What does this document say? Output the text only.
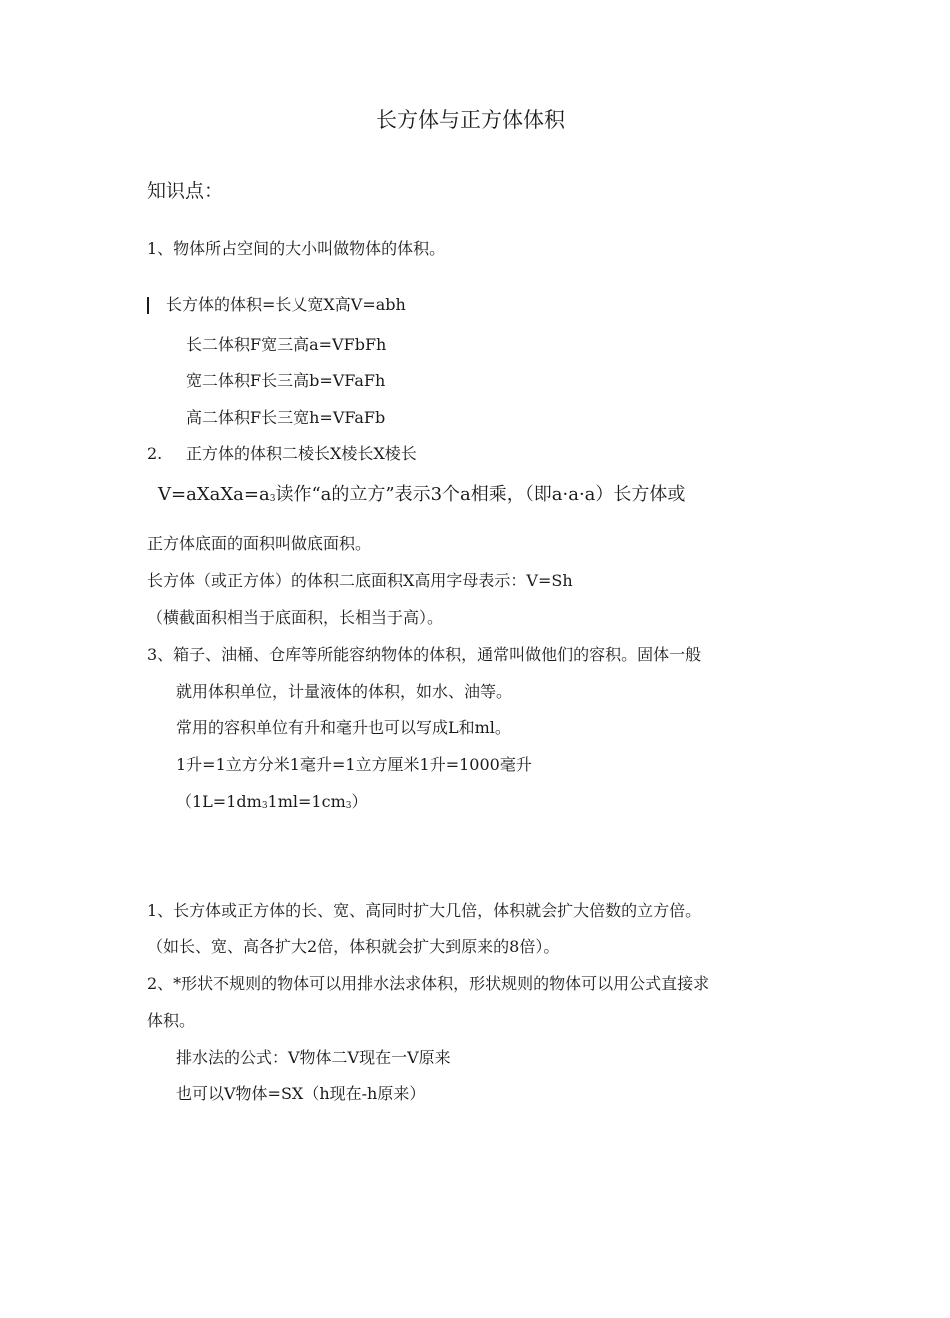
长方体与正方体体积
知识点：
1、物体所占空间的大小叫做物体的体积。
长方体的体积=长乂宽X高V=abh
长二体积F宽三高a=VFbFh
宽二体积F长三高b=VFaFh
高二体积F长三宽h=VFaFb
2. 正方体的体积二棱长X棱长X棱长
$V=aXaXa=a_3$读作“a的立方”表示3个a相乘，（即a·a·a）长方体或
正方体底面的面积叫做底面积。
长方体（或正方体）的体积二底面积X高用字母表示：V=Sh
（横截面积相当于底面积，长相当于高）。
3、箱子、油桶、仓库等所能容纳物体的体积，通常叫做他们的容积。固体一般
就用体积单位，计量液体的体积，如水、油等。
常用的容积单位有升和毫升也可以写成L和ml。
1升=1立方分米1毫升=1立方厘米1升=1000毫升
$(1L=1dm_31ml=1cm_3)$
1、长方体或正方体的长、宽、高同时扩大几倍，体积就会扩大倍数的立方倍。
（如长、宽、高各扩大2倍，体积就会扩大到原来的8倍）。
2、*形状不规则的物体可以用排水法求体积，形状规则的物体可以用公式直接求
体积。
排水法的公式：V物体二V现在一V原来
也可以V物体=SX（h现在-h原来）
